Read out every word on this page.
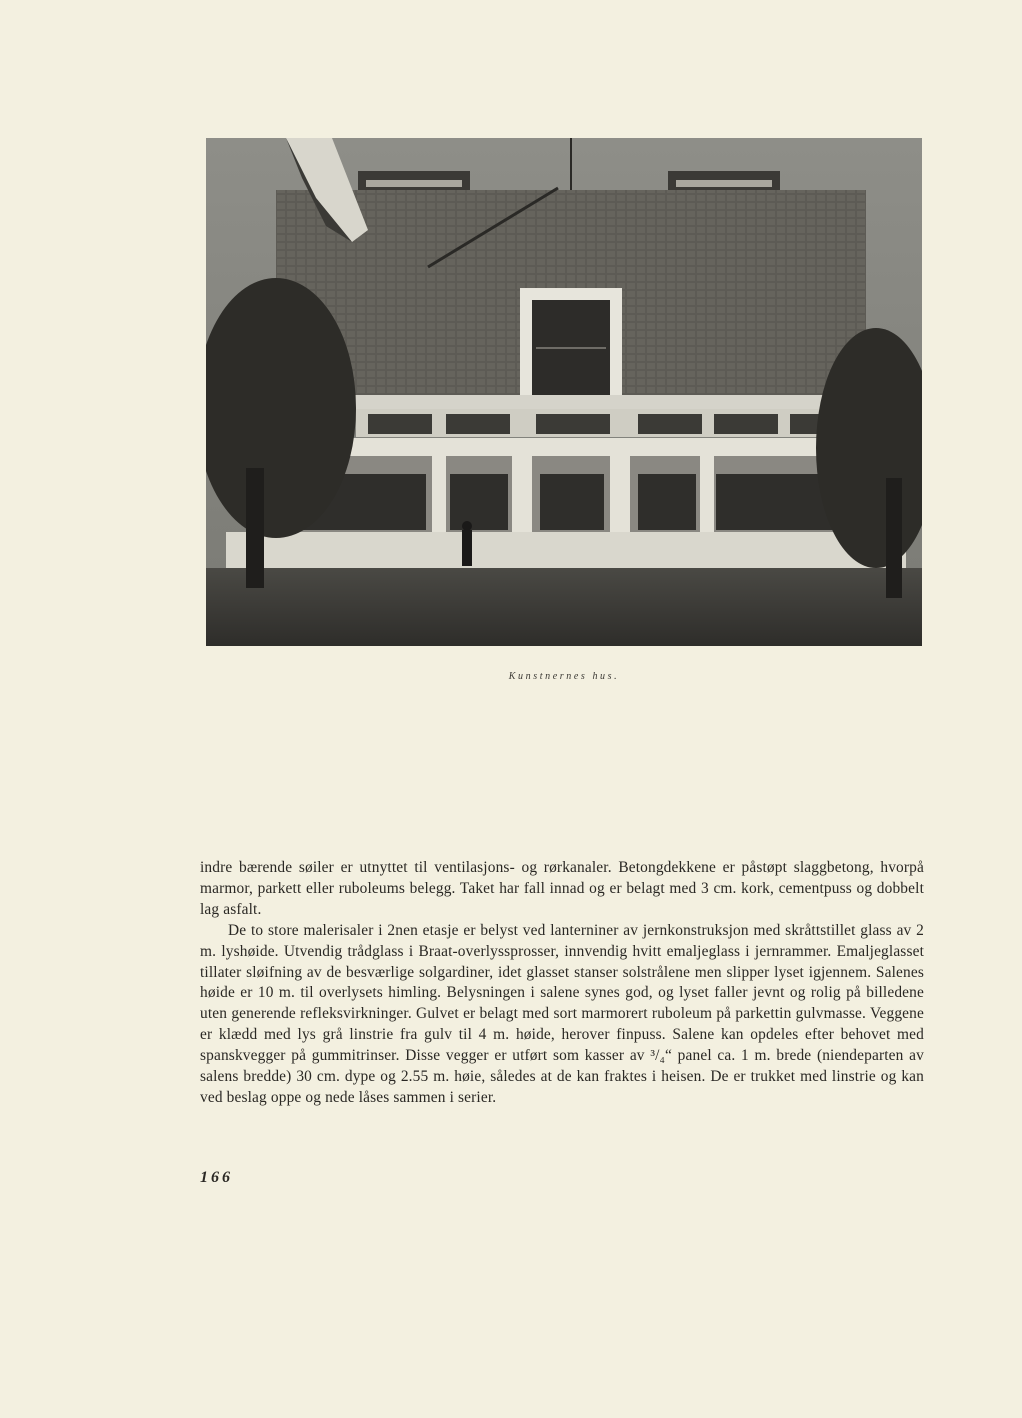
Kunstnernes hus.

indre bærende søiler er utnyttet til ventilasjons- og rørkanaler. Betongdekkene er påstøpt slaggbetong, hvorpå marmor, parkett eller ruboleums belegg. Taket har fall innad og er belagt med 3 cm. kork, cementpuss og dobbelt lag asfalt.

De to store malerisaler i 2nen etasje er belyst ved lanterniner av jernkonstruksjon med skråttstillet glass av 2 m. lyshøide. Utvendig trådglass i Braat-overlyssprosser, innvendig hvitt emaljeglass i jernrammer. Emaljeglasset tillater sløifning av de besværlige solgardiner, idet glasset stanser solstrålene men slipper lyset igjennem. Salenes høide er 10 m. til overlysets himling. Belysningen i salene synes god, og lyset faller jevnt og rolig på billedene uten generende refleksvirkninger. Gulvet er belagt med sort marmorert ruboleum på parkettin gulvmasse. Veggene er klædd med lys grå linstrie fra gulv til 4 m. høide, herover finpuss. Salene kan opdeles efter behovet med spanskvegger på gummitrinser. Disse vegger er utført som kasser av ³/₄“ panel ca. 1 m. brede (niendeparten av salens bredde) 30 cm. dype og 2.55 m. høie, således at de kan fraktes i heisen. De er trukket med linstrie og kan ved beslag oppe og nede låses sammen i serier.

166
